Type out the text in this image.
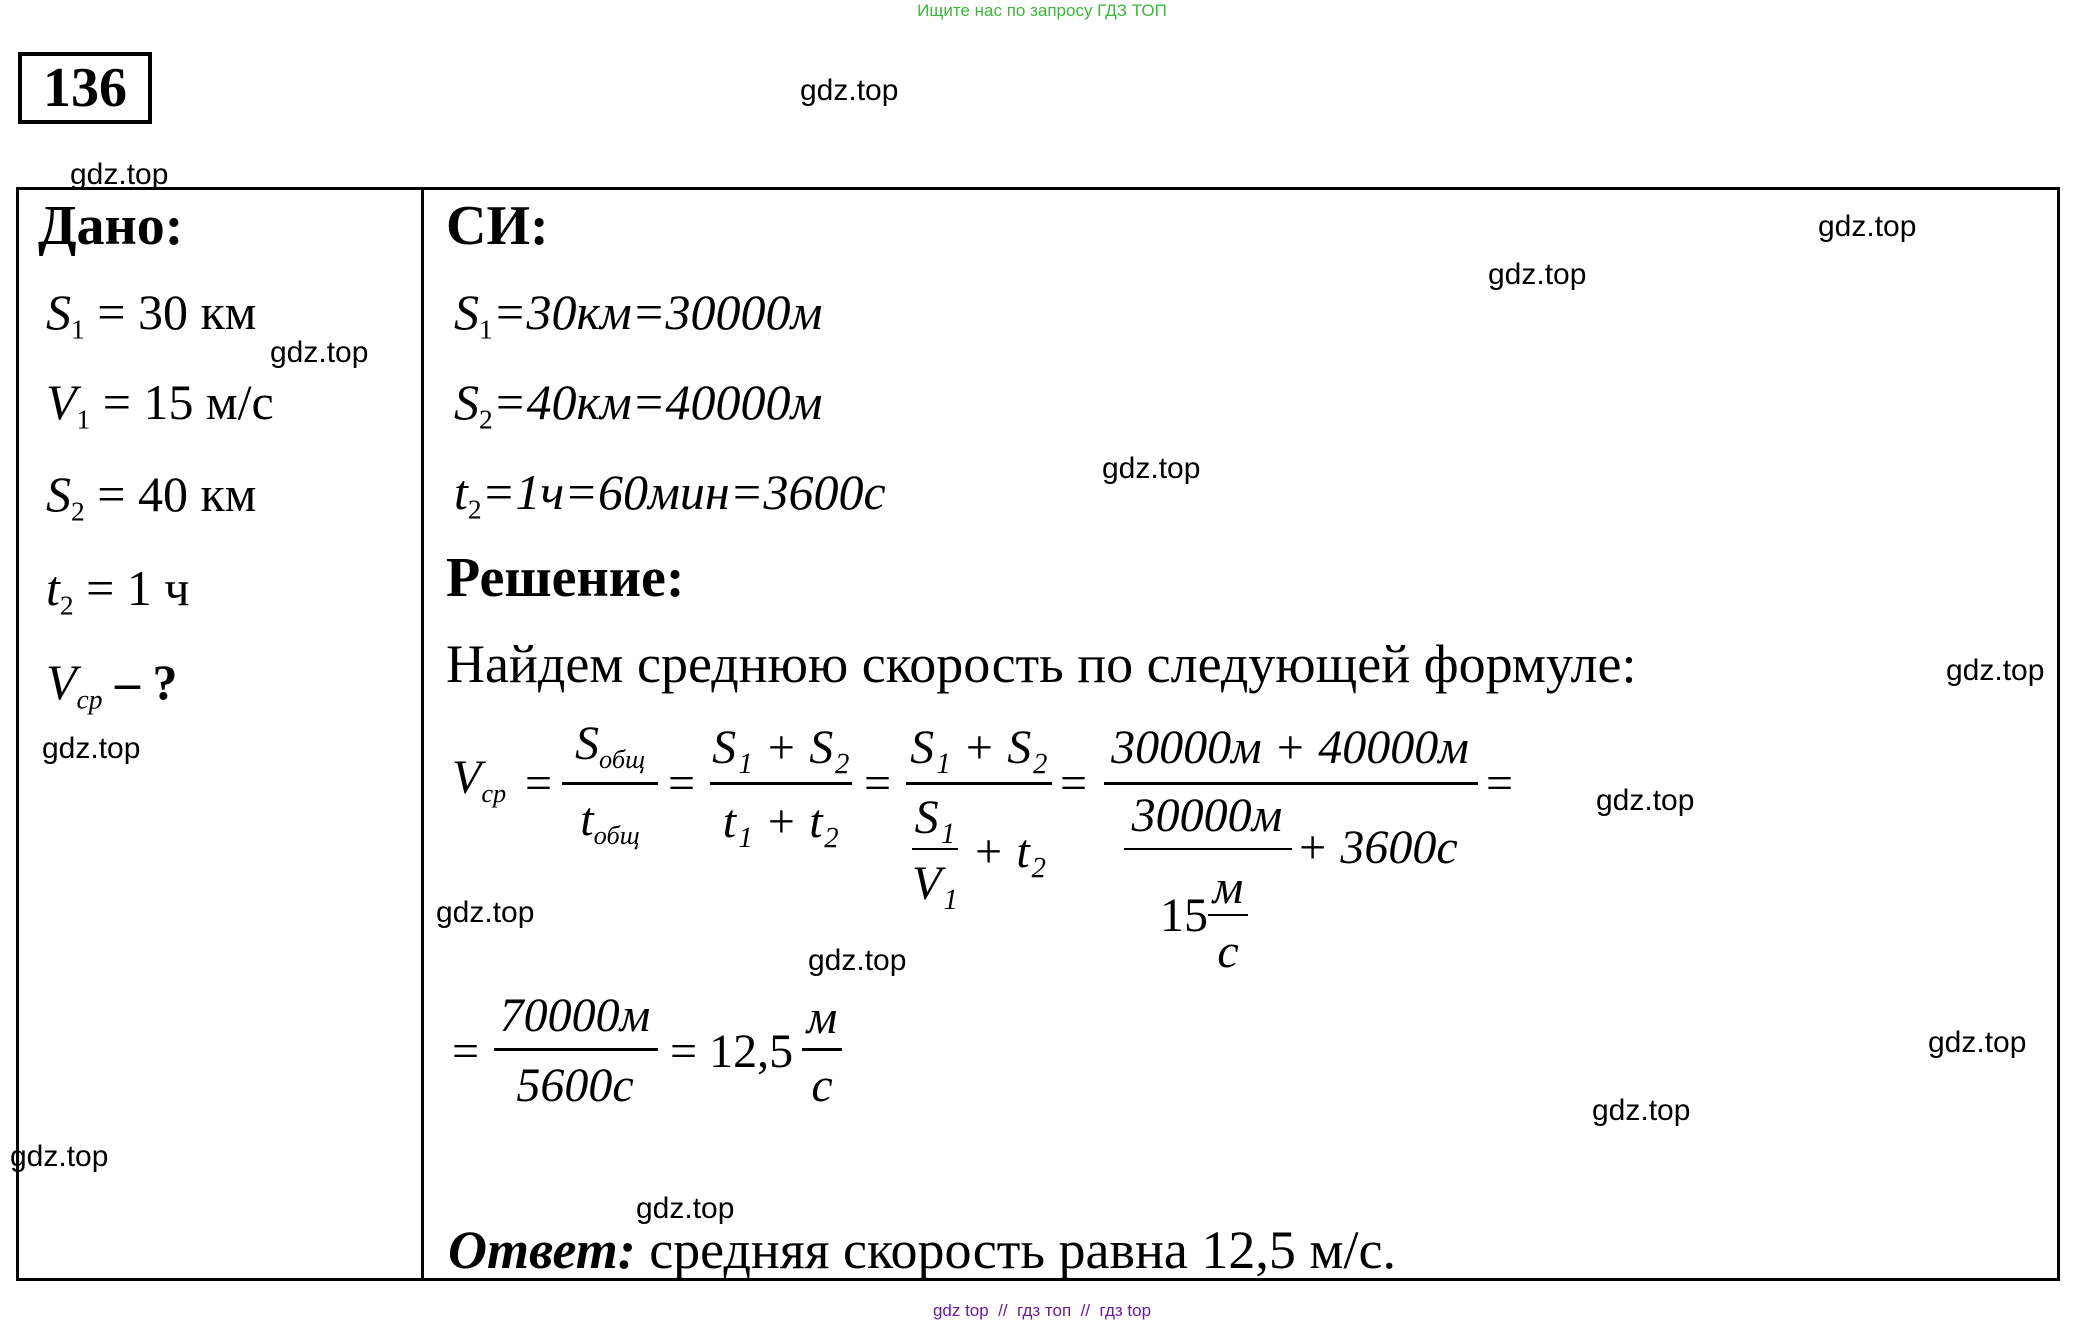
Ищите нас по запросу ГДЗ ТОП
136
Дано:
$S_1 = 30$ км
$V_1 = 15$ м/с
$S_2 = 40$ км
$t_2 = 1$ ч
$V_{ср}$ – ?
СИ:
$S_1=30км=30000м$
$S_2=40км=40000м$
$t_2=1ч=60мин=3600с$
Решение:
Найдем среднюю скорость по следующей формуле:
$V_{ср}$ =
$S_{общ}$
$t_{общ}$
=
S₁ + S₂
t₁ + t₂
=
S₁ + S₂
S₁
V₁
+ t₂
=
30000м + 40000м
30000м
15
м
с
+ 3600с
=
=
70000м
5600с
= 12,5
м
с
Ответ: средняя скорость равна 12,5 м/с.
gdz.top
gdz.top
gdz.top
gdz.top
gdz.top
gdz.top
gdz.top
gdz.top
gdz.top
gdz.top
gdz.top
gdz.top
gdz.top
gdz.top
gdz.top
gdz top  //  гдз топ  //  гдз top
